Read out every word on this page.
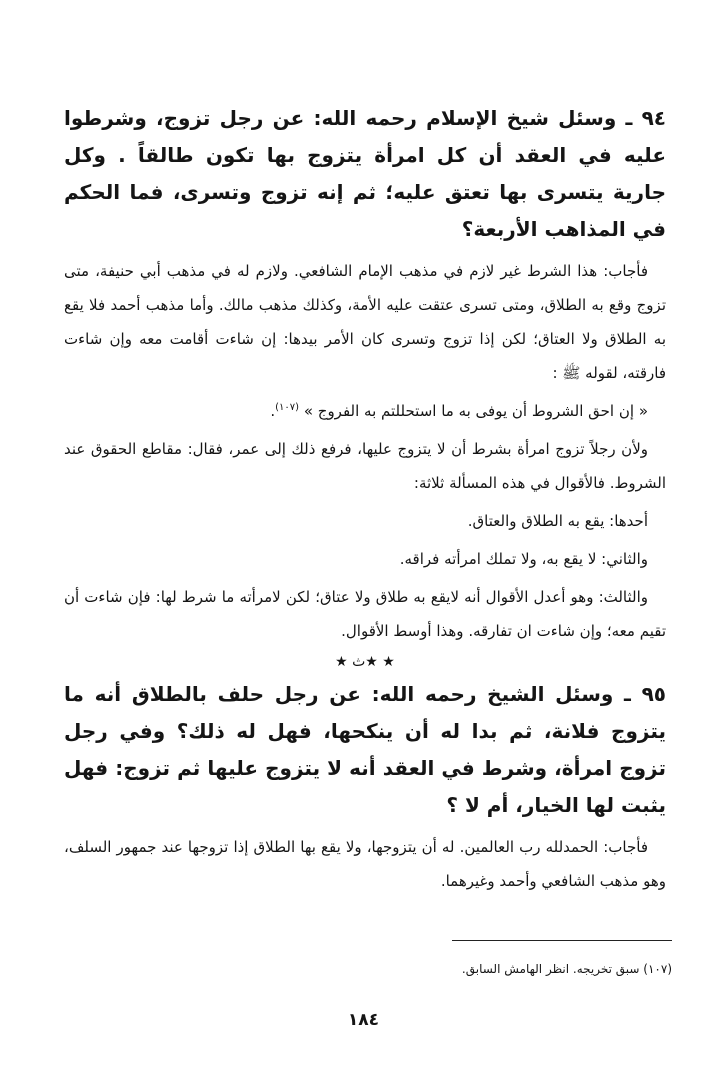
٩٤ ـ وسئل شيخ الإسلام رحمه الله: عن رجل تزوج، وشرطوا عليه في العقد أن كل امرأة يتزوج بها تكون طالقاً . وكل جارية يتسرى بها تعتق عليه؛ ثم إنه تزوج وتسرى، فما الحكم في المذاهب الأربعة؟

فأجاب: هذا الشرط غير لازم في مذهب الإمام الشافعي. ولازم له في مذهب أبي حنيفة، متى تزوج وقع به الطلاق، ومتى تسرى عتقت عليه الأمة، وكذلك مذهب مالك. وأما مذهب أحمد فلا يقع به الطلاق ولا العتاق؛ لكن إذا تزوج وتسرى كان الأمر بيدها: إن شاءت أقامت معه وإن شاءت فارقته، لقوله ﷺ :

« إن احق الشروط أن يوفى به ما استحللتم به الفروج » $^{(١٠٧)}$.

ولأن رجلاً تزوج امرأة بشرط أن لا يتزوج عليها، فرفع ذلك إلى عمر، فقال: مقاطع الحقوق عند الشروط. فالأقوال في هذه المسألة ثلاثة:

أحدها: يقع به الطلاق والعتاق.

والثاني: لا يقع به، ولا تملك امرأته فراقه.

والثالث: وهو أعدل الأقوال أنه لايقع به طلاق ولا عتاق؛ لكن لامرأته ما شرط لها: فإن شاءت أن تقيم معه؛ وإن شاءت ان تفارقه. وهذا أوسط الأقوال.

★ ★ث ★

٩٥ ـ وسئل الشيخ رحمه الله: عن رجل حلف بالطلاق أنه ما يتزوج فلانة، ثم بدا له أن ينكحها، فهل له ذلك؟ وفي رجل تزوج امرأة، وشرط في العقد أنه لا يتزوج عليها ثم تزوج: فهل يثبت لها الخيار، أم لا ؟

فأجاب: الحمدلله رب العالمين. له أن يتزوجها، ولا يقع بها الطلاق إذا تزوجها عند جمهور السلف، وهو مذهب الشافعي وأحمد وغيرهما.

(١٠٧) سبق تخريجه. انظر الهامش السابق.
١٨٤
